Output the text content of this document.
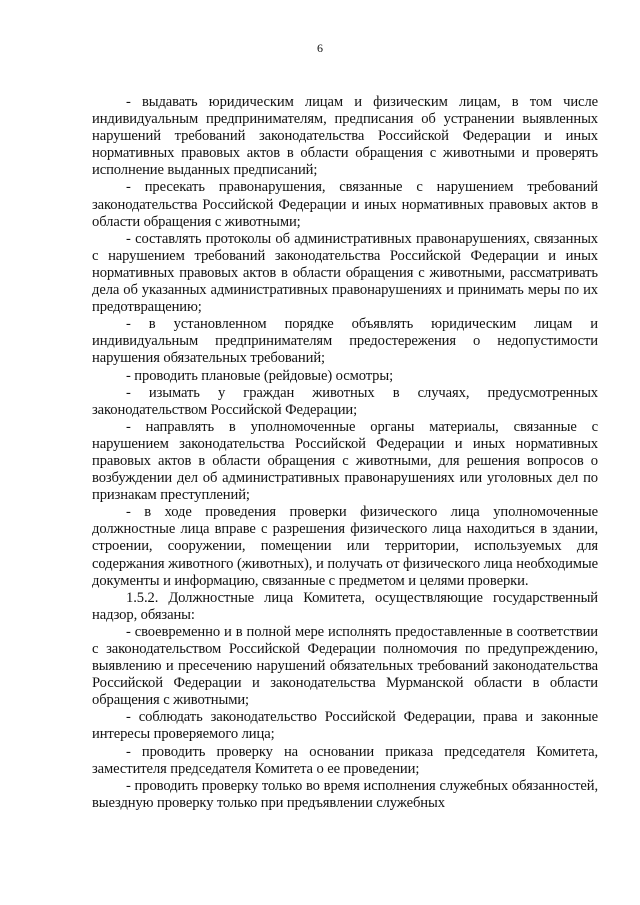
6

- выдавать юридическим лицам и физическим лицам, в том числе индивидуальным предпринимателям, предписания об устранении выявленных нарушений требований законодательства Российской Федерации и иных нормативных правовых актов в области обращения с животными и проверять исполнение выданных предписаний;

- пресекать правонарушения, связанные с нарушением требований законодательства Российской Федерации и иных нормативных правовых актов в области обращения с животными;

- составлять протоколы об административных правонарушениях, связанных с нарушением требований законодательства Российской Федерации и иных нормативных правовых актов в области обращения с животными, рассматривать дела об указанных административных правонарушениях и принимать меры по их предотвращению;

- в установленном порядке объявлять юридическим лицам и индивидуальным предпринимателям предостережения о недопустимости нарушения обязательных требований;

- проводить плановые (рейдовые) осмотры;

- изымать у граждан животных в случаях, предусмотренных законодательством Российской Федерации;

- направлять в уполномоченные органы материалы, связанные с нарушением законодательства Российской Федерации и иных нормативных правовых актов в области обращения с животными, для решения вопросов о возбуждении дел об административных правонарушениях или уголовных дел по признакам преступлений;

- в ходе проведения проверки физического лица уполномоченные должностные лица вправе с разрешения физического лица находиться в здании, строении, сооружении, помещении или территории, используемых для содержания животного (животных), и получать от физического лица необходимые документы и информацию, связанные с предметом и целями проверки.

1.5.2. Должностные лица Комитета, осуществляющие государственный надзор, обязаны:

- своевременно и в полной мере исполнять предоставленные в соответствии с законодательством Российской Федерации полномочия по предупреждению, выявлению и пресечению нарушений обязательных требований законодательства Российской Федерации и законодательства Мурманской области в области обращения с животными;

- соблюдать законодательство Российской Федерации, права и законные интересы проверяемого лица;

- проводить проверку на основании приказа председателя Комитета, заместителя председателя Комитета о ее проведении;

- проводить проверку только во время исполнения служебных обязанностей, выездную проверку только при предъявлении служебных
